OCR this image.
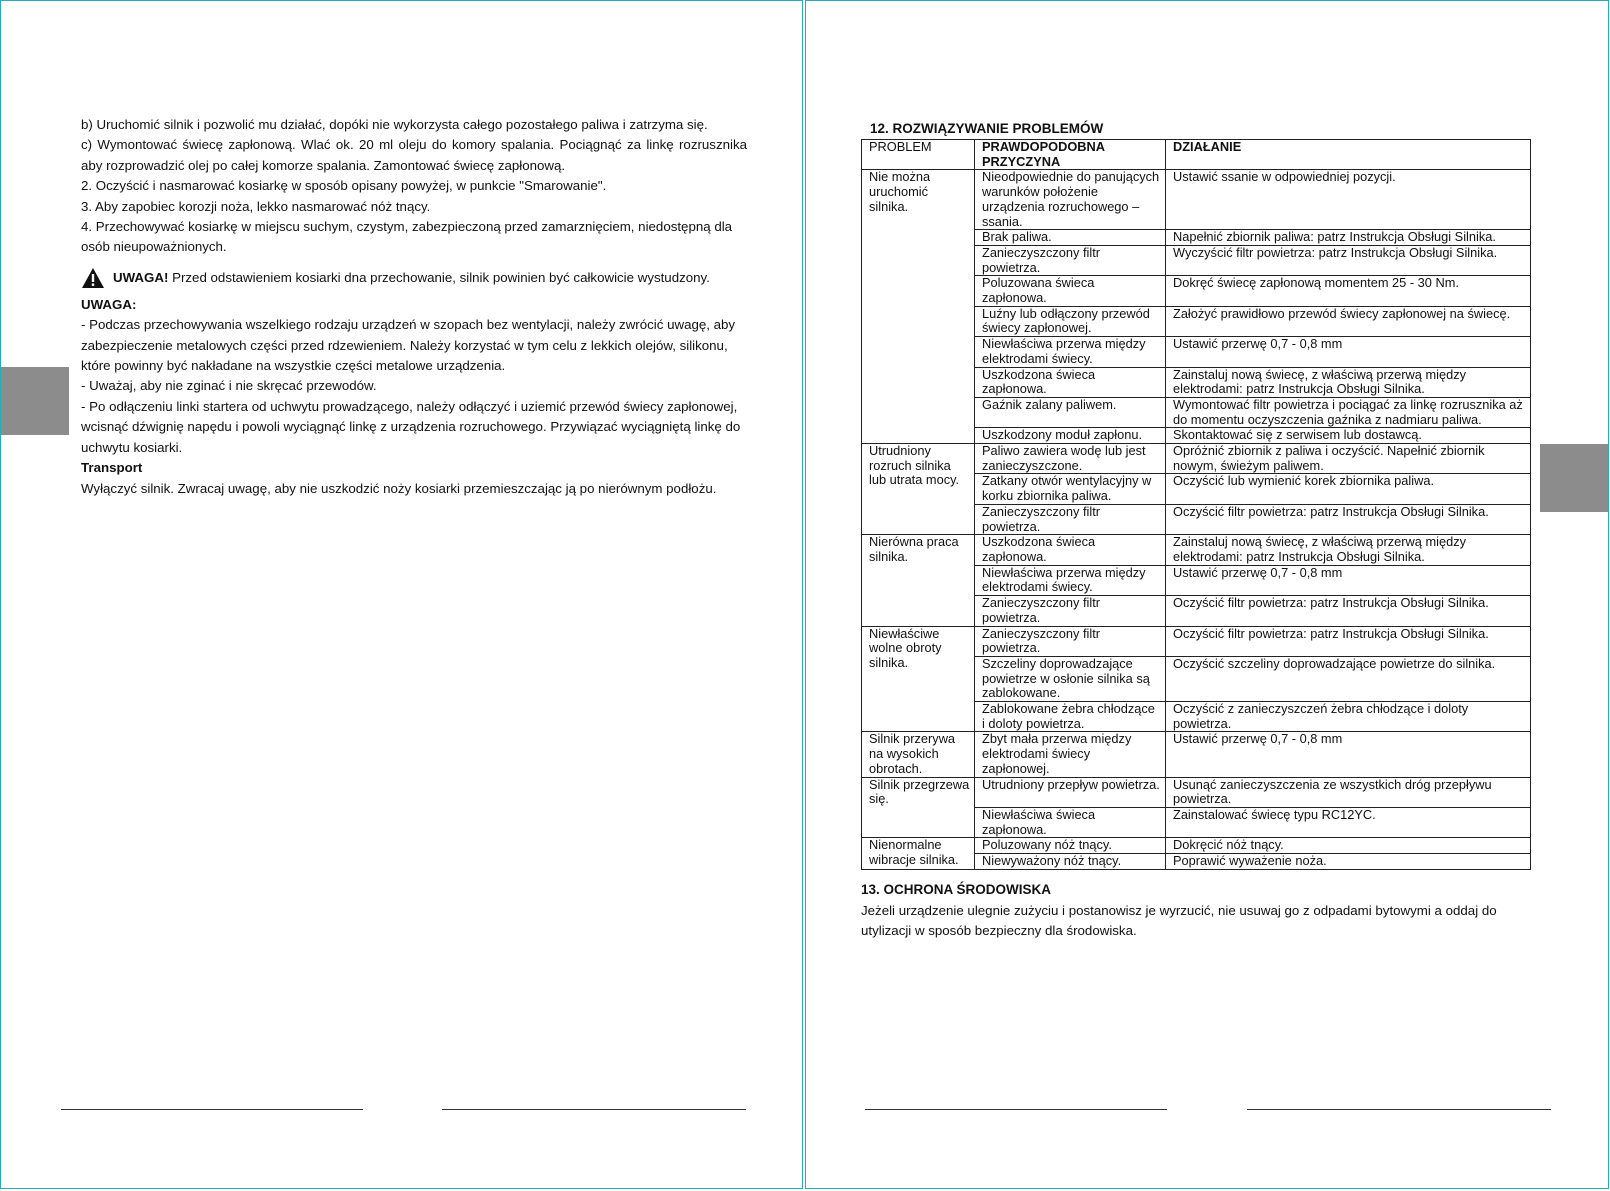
b) Uruchomić silnik i pozwolić mu działać, dopóki nie wykorzysta całego pozostałego paliwa i zatrzyma się.

c) Wymontować świecę zapłonową. Wlać ok. 20 ml oleju do komory spalania. Pociągnąć za linkę rozrusznika aby rozprowadzić olej po całej komorze spalania. Zamontować świecę zapłonową.

2. Oczyścić i nasmarować kosiarkę w sposób opisany powyżej, w punkcie "Smarowanie".

3. Aby zapobiec korozji noża, lekko nasmarować nóż tnący.

4. Przechowywać kosiarkę w miejscu suchym, czystym, zabezpieczoną przed zamarznięciem, niedostępną dla osób nieupoważnionych.

UWAGA! Przed odstawieniem kosiarki dna przechowanie, silnik powinien być całkowicie wystudzony.

UWAGA:

- Podczas przechowywania wszelkiego rodzaju urządzeń w szopach bez wentylacji, należy zwrócić uwagę, aby zabezpieczenie metalowych części przed rdzewieniem. Należy korzystać w tym celu z lekkich olejów, silikonu, które powinny być nakładane na wszystkie części metalowe urządzenia.

- Uważaj, aby nie zginać i nie skręcać przewodów.

- Po odłączeniu linki startera od uchwytu prowadzącego, należy odłączyć i uziemić przewód świecy zapłonowej, wcisnąć dźwignię napędu i powoli wyciągnąć linkę z urządzenia rozruchowego. Przywiązać wyciągniętą linkę do uchwytu kosiarki.

Transport

Wyłączyć silnik. Zwracaj uwagę, aby nie uszkodzić noży kosiarki przemieszczając ją po nierównym podłożu.

12. ROZWIĄZYWANIE PROBLEMÓW
PROBLEM	PRAWDOPODOBNA PRZYCZYNA	DZIAŁANIE
Nie można uruchomić silnika.	Nieodpowiednie do panujących warunków położenie urządzenia rozruchowego – ssania.	Ustawić ssanie w odpowiedniej pozycji.
	Brak paliwa.	Napełnić zbiornik paliwa: patrz Instrukcja Obsługi Silnika.
	Zanieczyszczony filtr powietrza.	Wyczyścić filtr powietrza: patrz Instrukcja Obsługi Silnika.
	Poluzowana świeca zapłonowa.	Dokręć świecę zapłonową momentem 25 - 30 Nm.
	Luźny lub odłączony przewód świecy zapłonowej.	Założyć prawidłowo przewód świecy zapłonowej na świecę.
	Niewłaściwa przerwa między elektrodami świecy.	Ustawić przerwę 0,7 - 0,8 mm
	Uszkodzona świeca zapłonowa.	Zainstaluj nową świecę, z właściwą przerwą między elektrodami: patrz Instrukcja Obsługi Silnika.
	Gaźnik zalany paliwem.	Wymontować filtr powietrza i pociągać za linkę rozrusznika aż do momentu oczyszczenia gaźnika z nadmiaru paliwa.
	Uszkodzony moduł zapłonu.	Skontaktować się z serwisem lub dostawcą.
Utrudniony rozruch silnika lub utrata mocy.	Paliwo zawiera wodę lub jest zanieczyszczone.	Opróżnić zbiornik z paliwa i oczyścić. Napełnić zbiornik nowym, świeżym paliwem.
	Zatkany otwór wentylacyjny w korku zbiornika paliwa.	Oczyścić lub wymienić korek zbiornika paliwa.
	Zanieczyszczony filtr powietrza.	Oczyścić filtr powietrza: patrz Instrukcja Obsługi Silnika.
Nierówna praca silnika.	Uszkodzona świeca zapłonowa.	Zainstaluj nową świecę, z właściwą przerwą między elektrodami: patrz Instrukcja Obsługi Silnika.
	Niewłaściwa przerwa między elektrodami świecy.	Ustawić przerwę 0,7 - 0,8 mm
	Zanieczyszczony filtr powietrza.	Oczyścić filtr powietrza: patrz Instrukcja Obsługi Silnika.
Niewłaściwe wolne obroty silnika.	Zanieczyszczony filtr powietrza.	Oczyścić filtr powietrza: patrz Instrukcja Obsługi Silnika.
	Szczeliny doprowadzające powietrze w osłonie silnika są zablokowane.	Oczyścić szczeliny doprowadzające powietrze do silnika.
	Zablokowane żebra chłodzące i doloty powietrza.	Oczyścić z zanieczyszczeń żebra chłodzące i doloty powietrza.
Silnik przerywa na wysokich obrotach.	Zbyt mała przerwa między elektrodami świecy zapłonowej.	Ustawić przerwę 0,7 - 0,8 mm
Silnik przegrzewa się.	Utrudniony przepływ powietrza.	Usunąć zanieczyszczenia ze wszystkich dróg przepływu powietrza.
	Niewłaściwa świeca zapłonowa.	Zainstalować świecę typu RC12YC.
Nienormalne wibracje silnika.	Poluzowany nóż tnący.	Dokręcić nóż tnący.
	Niewyważony nóż tnący.	Poprawić wyważenie noża.
13. OCHRONA ŚRODOWISKA

Jeżeli urządzenie ulegnie zużyciu i postanowisz je wyrzucić, nie usuwaj go z odpadami bytowymi a oddaj do utylizacji w sposób bezpieczny dla środowiska.
